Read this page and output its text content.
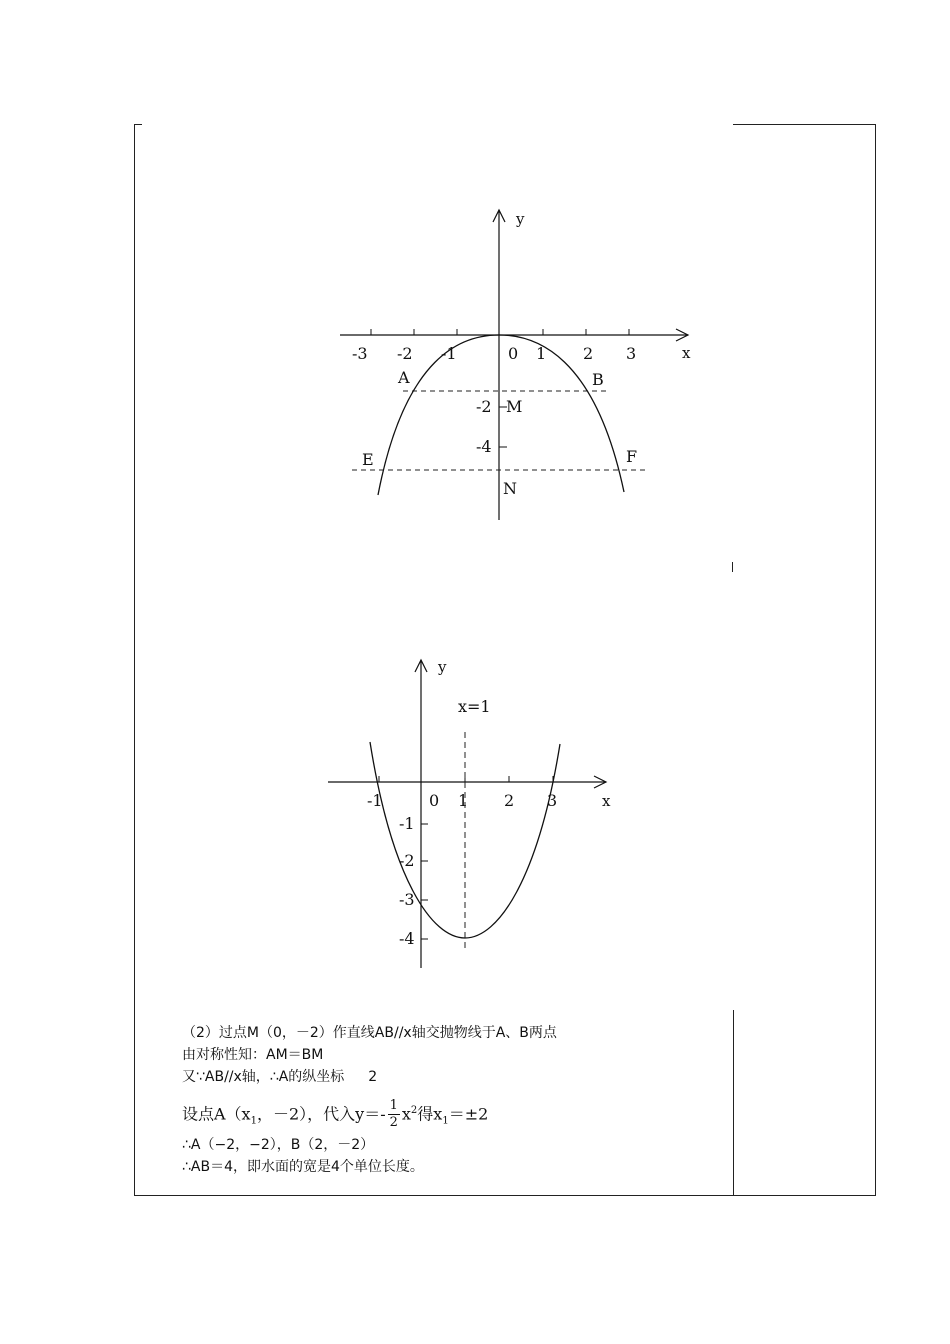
x
y
-3 -2 -1	0 1 2 3
-2
-4
A	B
M
E	F
N
x
y
-1	0 1 2 3
-1
-2
-3
-4
x=1
（2）过点M（0，－2）作直线AB//x轴交抛物线于A、B两点
由对称性知：AM＝BM
又∵AB//x轴，∴A的纵坐标 2
设点$A(x_1$，－2），代入$y=- \frac{1}{2} x^2$得$x_1=\pm 2$
∴A（−2，−2），B（2，－2）
∴AB＝4，即水面的宽是4个单位长度。
